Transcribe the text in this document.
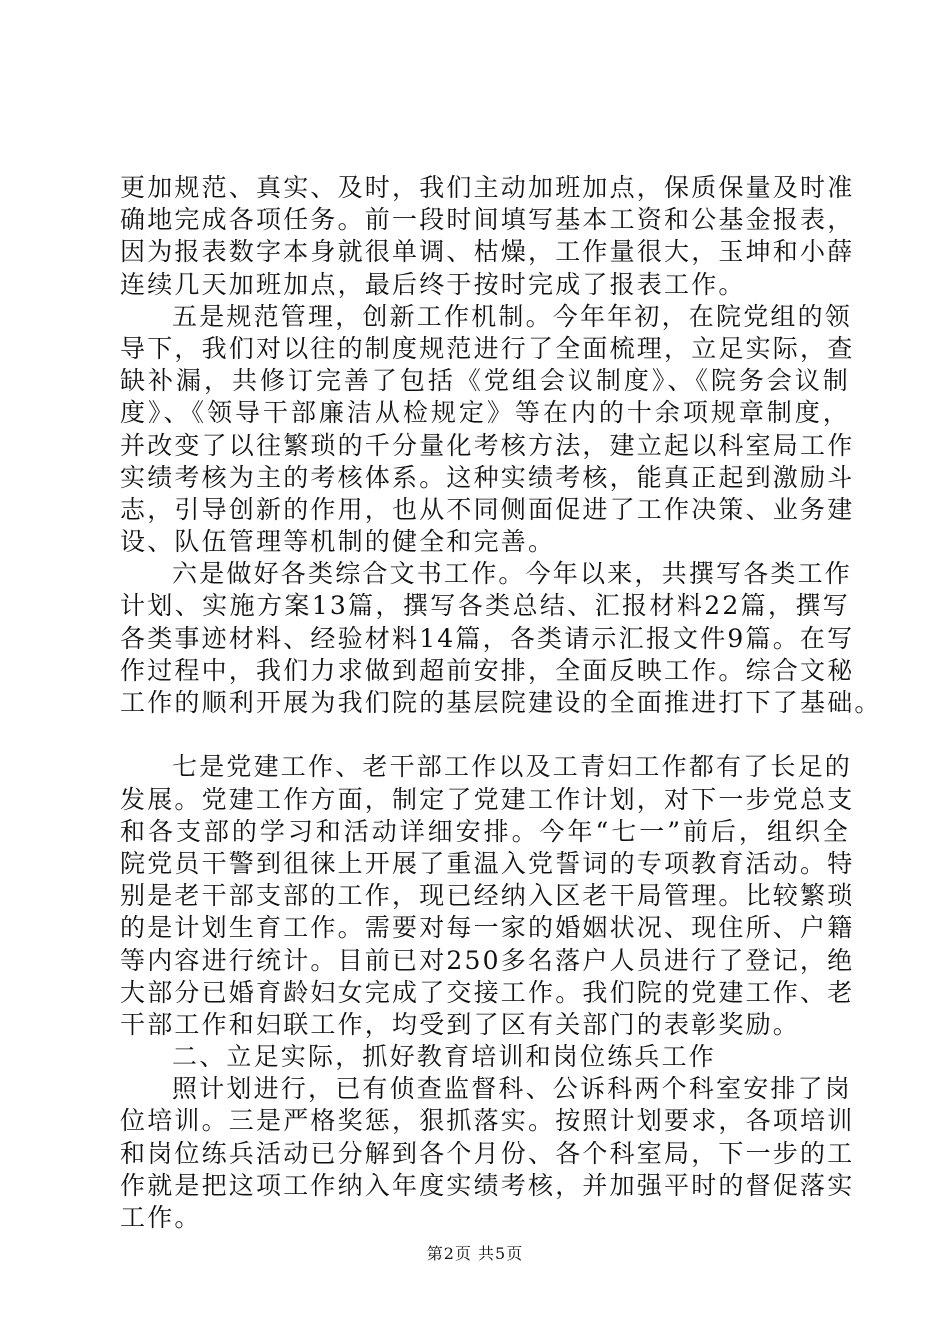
更加规范、真实、及时，我们主动加班加点，保质保量及时准
确地完成各项任务。前一段时间填写基本工资和公基金报表，
因为报表数字本身就很单调、枯燥，工作量很大，玉坤和小薛
连续几天加班加点，最后终于按时完成了报表工作。
五是规范管理，创新工作机制。今年年初，在院党组的领
导下，我们对以往的制度规范进行了全面梳理，立足实际，查
缺补漏，共修订完善了包括《党组会议制度》、《院务会议制
度》、《领导干部廉洁从检规定》等在内的十余项规章制度，
并改变了以往繁琐的千分量化考核方法，建立起以科室局工作
实绩考核为主的考核体系。这种实绩考核，能真正起到激励斗
志，引导创新的作用，也从不同侧面促进了工作决策、业务建
设、队伍管理等机制的健全和完善。
六是做好各类综合文书工作。今年以来，共撰写各类工作
计划、实施方案13篇，撰写各类总结、汇报材料22篇，撰写
各类事迹材料、经验材料14篇，各类请示汇报文件9篇。在写
作过程中，我们力求做到超前安排，全面反映工作。综合文秘
工作的顺利开展为我们院的基层院建设的全面推进打下了基础。
七是党建工作、老干部工作以及工青妇工作都有了长足的
发展。党建工作方面，制定了党建工作计划，对下一步党总支
和各支部的学习和活动详细安排。今年“七一”前后，组织全
院党员干警到徂徕上开展了重温入党誓词的专项教育活动。特
别是老干部支部的工作，现已经纳入区老干局管理。比较繁琐
的是计划生育工作。需要对每一家的婚姻状况、现住所、户籍
等内容进行统计。目前已对250多名落户人员进行了登记，绝
大部分已婚育龄妇女完成了交接工作。我们院的党建工作、老
干部工作和妇联工作，均受到了区有关部门的表彰奖励。
二、立足实际，抓好教育培训和岗位练兵工作
照计划进行，已有侦查监督科、公诉科两个科室安排了岗
位培训。三是严格奖惩，狠抓落实。按照计划要求，各项培训
和岗位练兵活动已分解到各个月份、各个科室局，下一步的工
作就是把这项工作纳入年度实绩考核，并加强平时的督促落实
工作。
第2页 共5页
